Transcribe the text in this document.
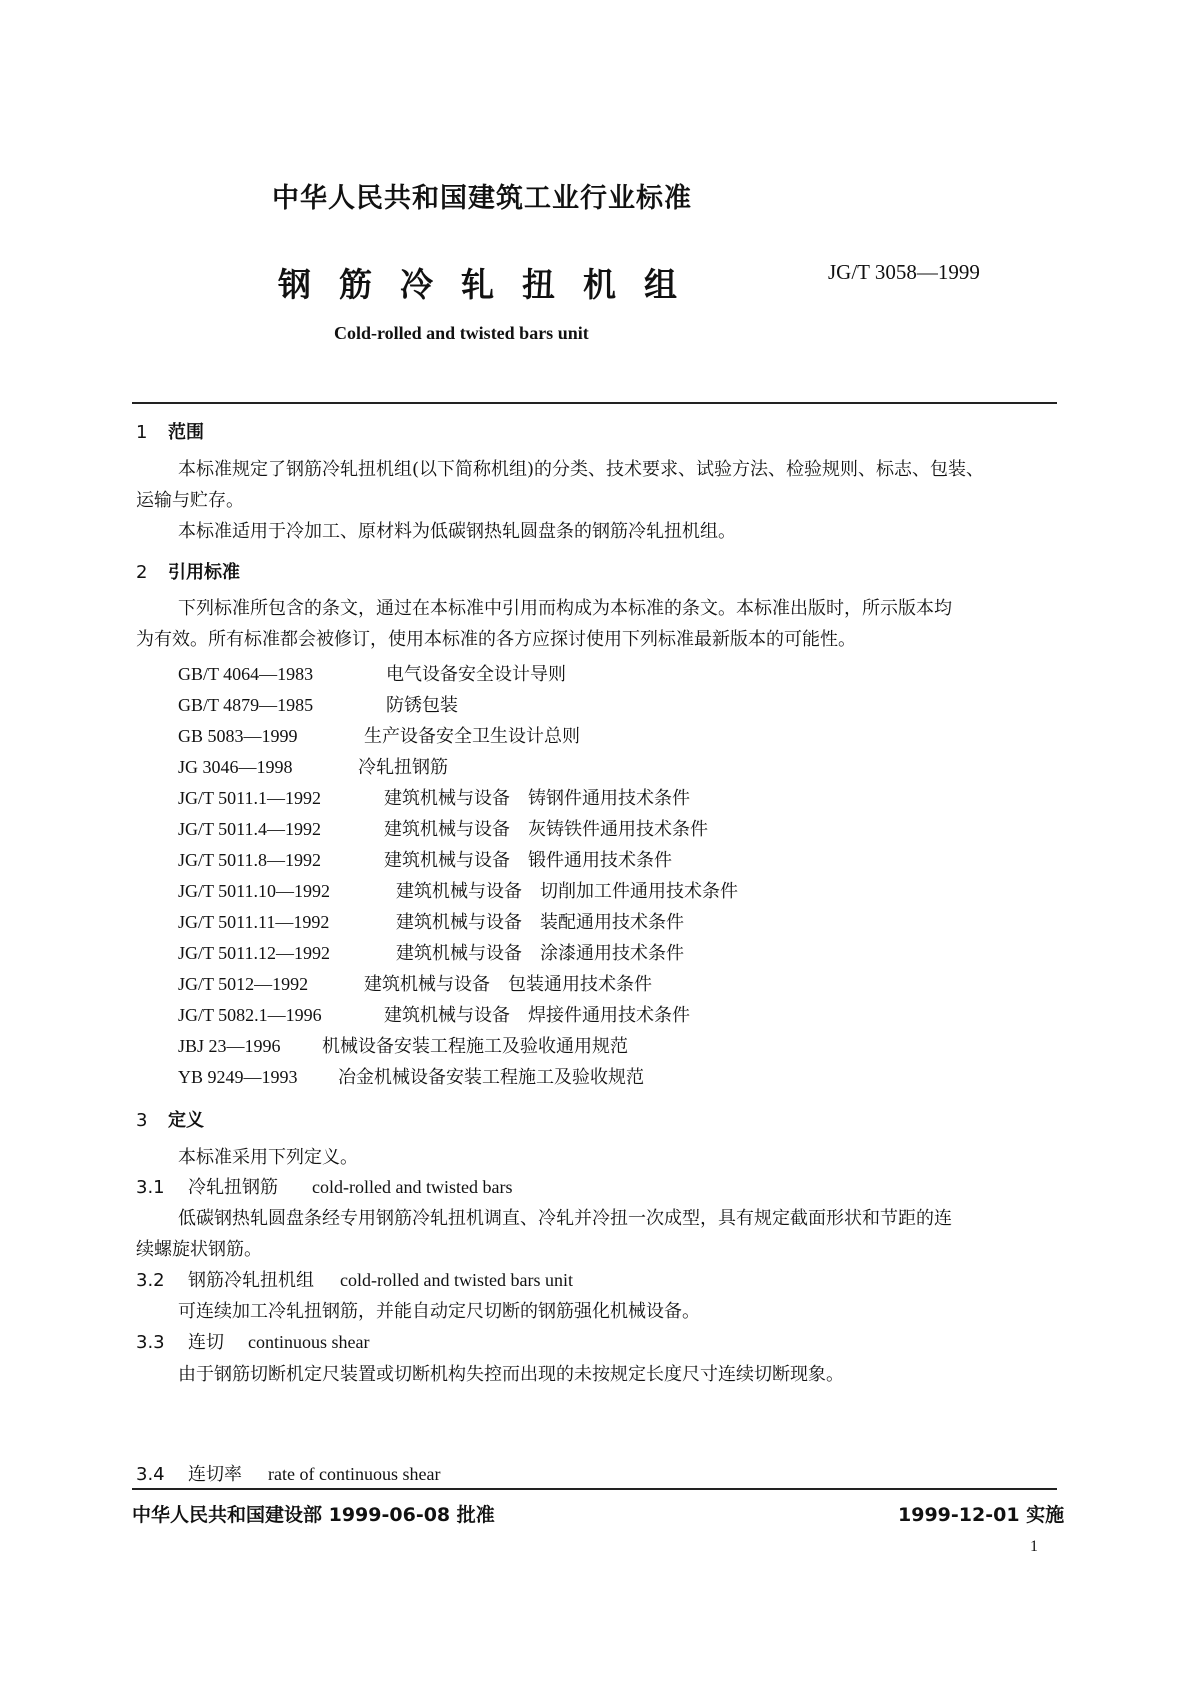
中华人民共和国建筑工业行业标准
钢筋冷轧扭机组	JG/T 3058—1999
Cold-rolled and twisted bars unit
1 范围
本标准规定了钢筋冷轧扭机组(以下简称机组)的分类、技术要求、试验方法、检验规则、标志、包装、
运输与贮存。
本标准适用于冷加工、原材料为低碳钢热轧圆盘条的钢筋冷轧扭机组。
2 引用标准
下列标准所包含的条文，通过在本标准中引用而构成为本标准的条文。本标准出版时，所示版本均
为有效。所有标准都会被修订，使用本标准的各方应探讨使用下列标准最新版本的可能性。
GB/T 4064—1983	电气设备安全设计导则
GB/T 4879—1985	防锈包装
GB 5083—1999	生产设备安全卫生设计总则
JG 3046—1998	冷轧扭钢筋
JG/T 5011.1—1992	建筑机械与设备　铸钢件通用技术条件
JG/T 5011.4—1992	建筑机械与设备　灰铸铁件通用技术条件
JG/T 5011.8—1992	建筑机械与设备　锻件通用技术条件
JG/T 5011.10—1992	建筑机械与设备　切削加工件通用技术条件
JG/T 5011.11—1992	建筑机械与设备　装配通用技术条件
JG/T 5011.12—1992	建筑机械与设备　涂漆通用技术条件
JG/T 5012—1992	建筑机械与设备　包装通用技术条件
JG/T 5082.1—1996	建筑机械与设备　焊接件通用技术条件
JBJ 23—1996 机械设备安装工程施工及验收通用规范
YB 9249—1993 冶金机械设备安装工程施工及验收规范
3 定义
本标准采用下列定义。
3.1 冷轧扭钢筋 cold-rolled and twisted bars
低碳钢热轧圆盘条经专用钢筋冷轧扭机调直、冷轧并冷扭一次成型，具有规定截面形状和节距的连
续螺旋状钢筋。
3.2 钢筋冷轧扭机组 cold-rolled and twisted bars unit
可连续加工冷轧扭钢筋，并能自动定尺切断的钢筋强化机械设备。
3.3 连切 continuous shear
由于钢筋切断机定尺装置或切断机构失控而出现的未按规定长度尺寸连续切断现象。
3.4 连切率 rate of continuous shear
中华人民共和国建设部 1999-06-08 批准	1999-12-01 实施
1
